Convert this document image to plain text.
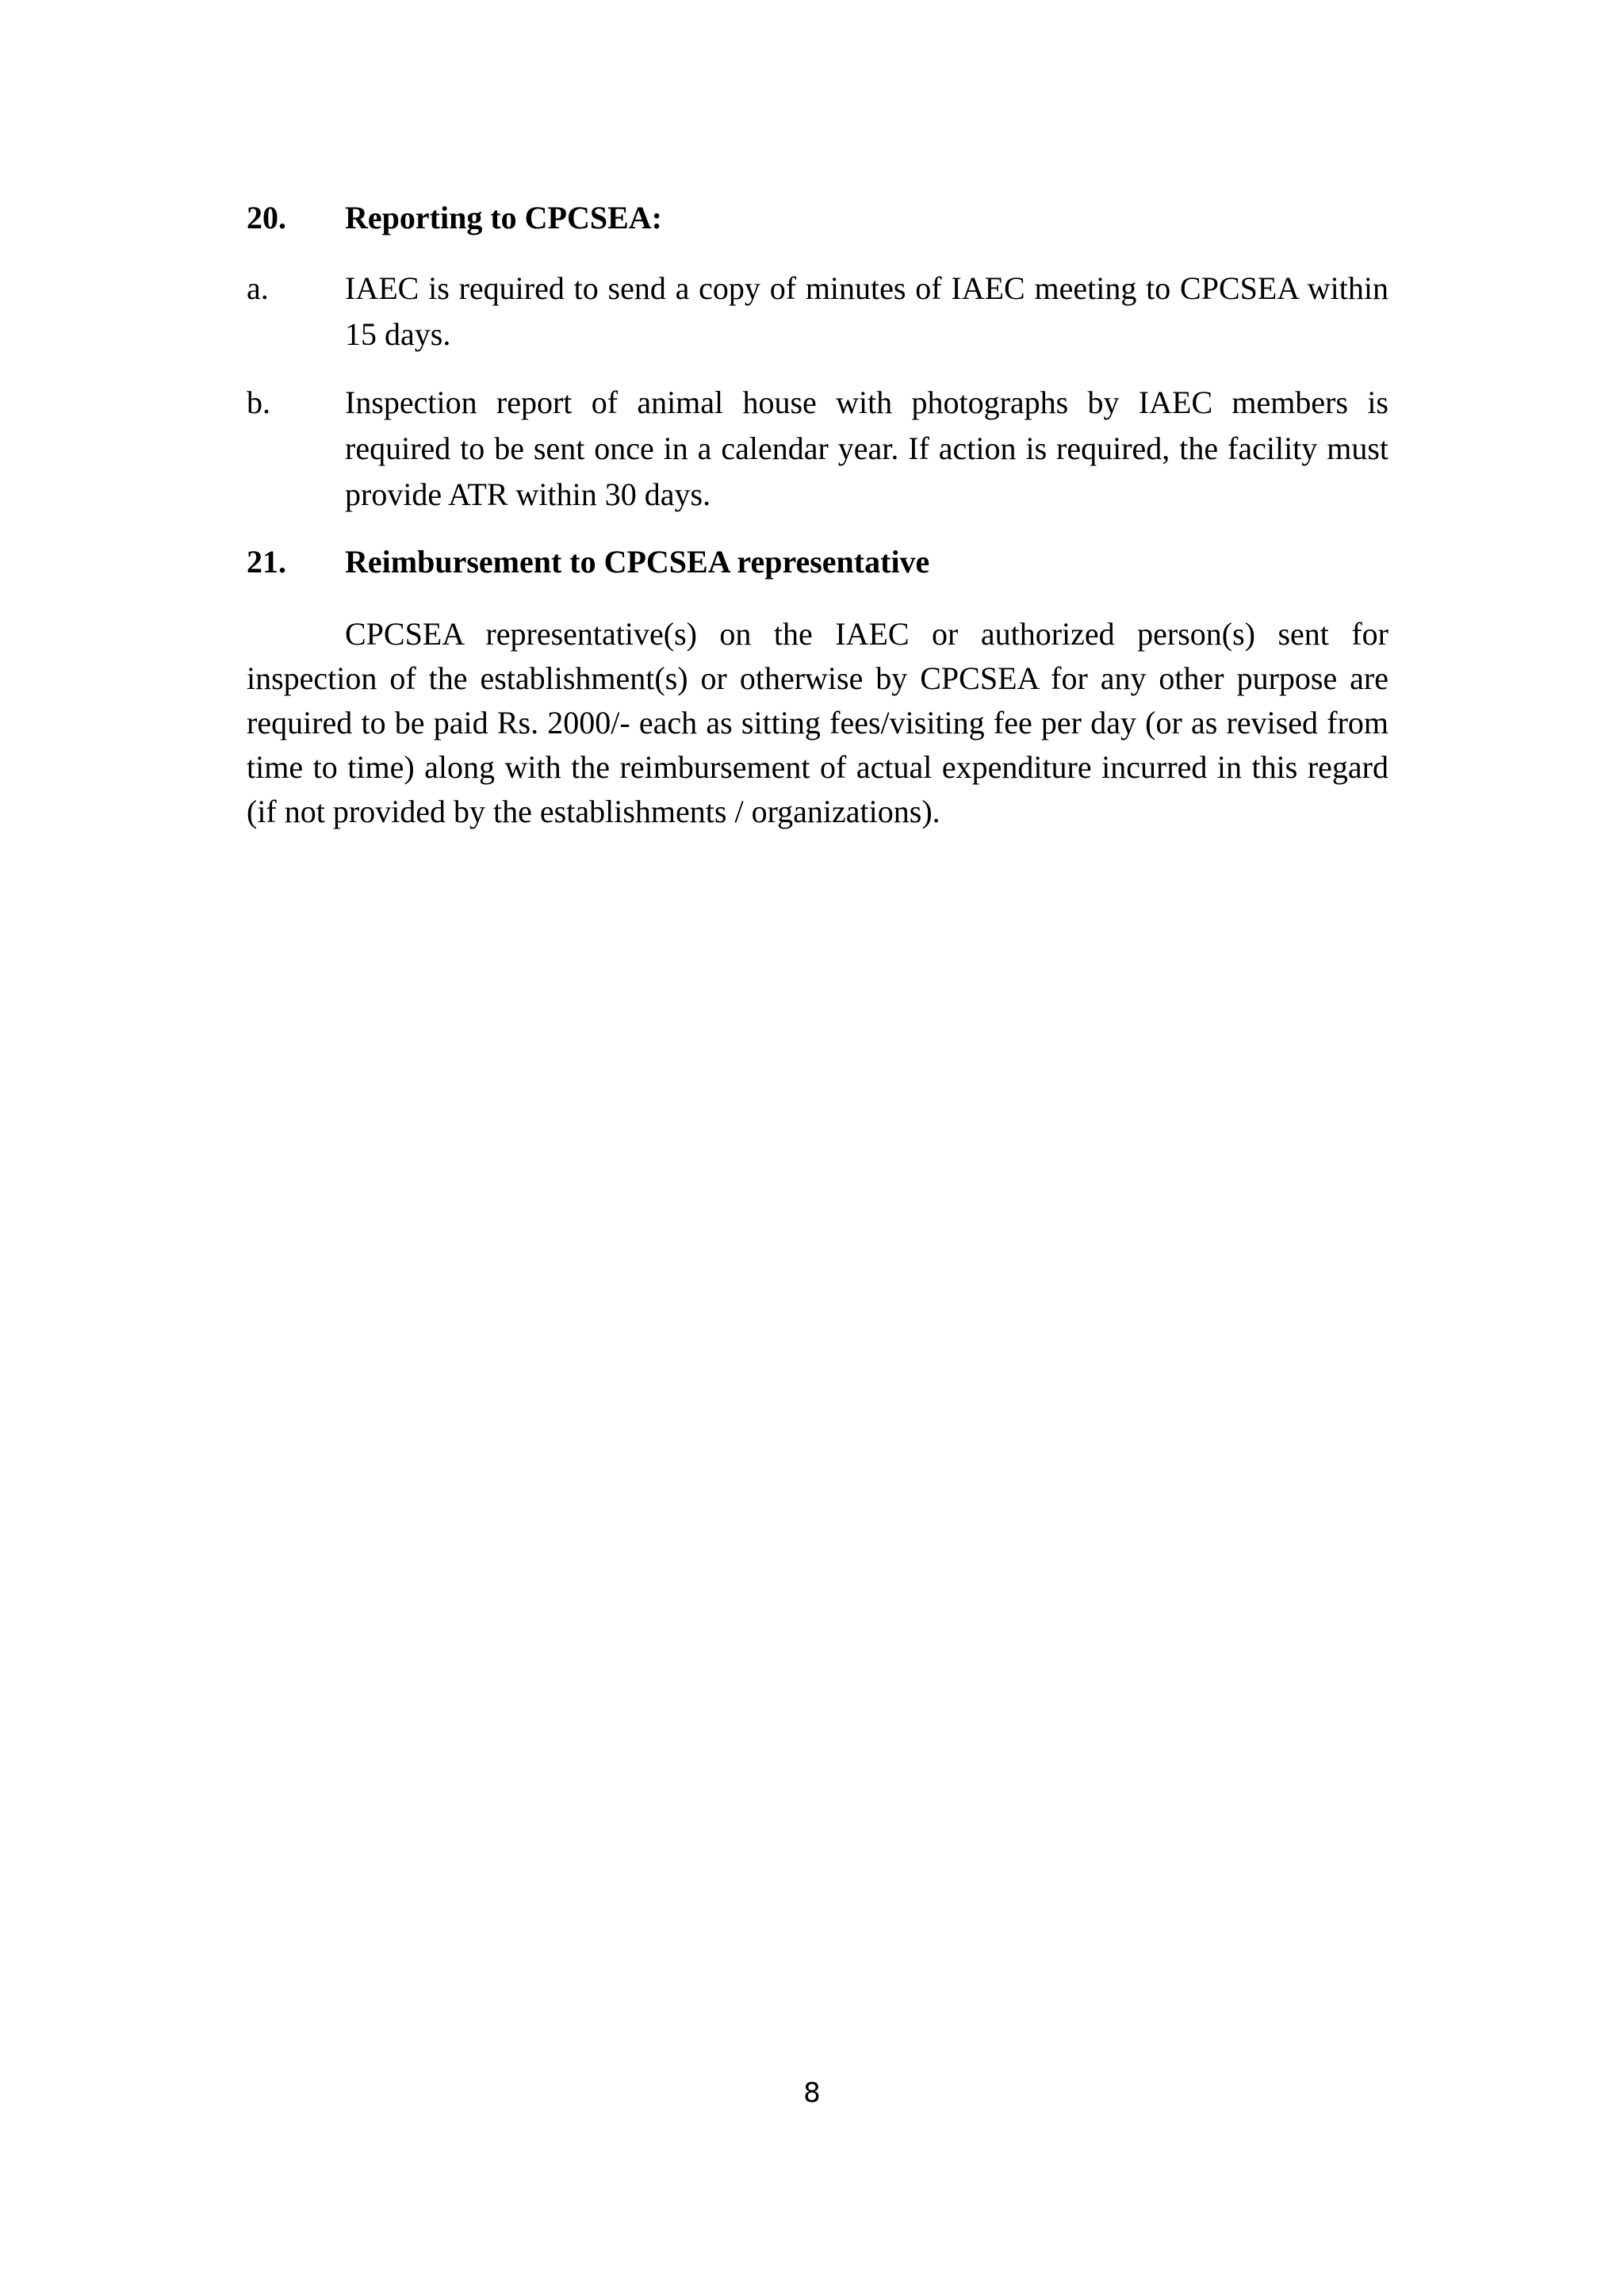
20. Reporting to CPCSEA:
a. IAEC is required to send a copy of minutes of IAEC meeting to CPCSEA within 15 days.
b. Inspection report of animal house with photographs by IAEC members is required to be sent once in a calendar year. If action is required, the facility must provide ATR within 30 days.
21. Reimbursement to CPCSEA representative
CPCSEA representative(s) on the IAEC or authorized person(s) sent for inspection of the establishment(s) or otherwise by CPCSEA for any other purpose are required to be paid Rs. 2000/- each as sitting fees/visiting fee per day (or as revised from time to time) along with the reimbursement of actual expenditure incurred in this regard (if not provided by the establishments / organizations).
8
